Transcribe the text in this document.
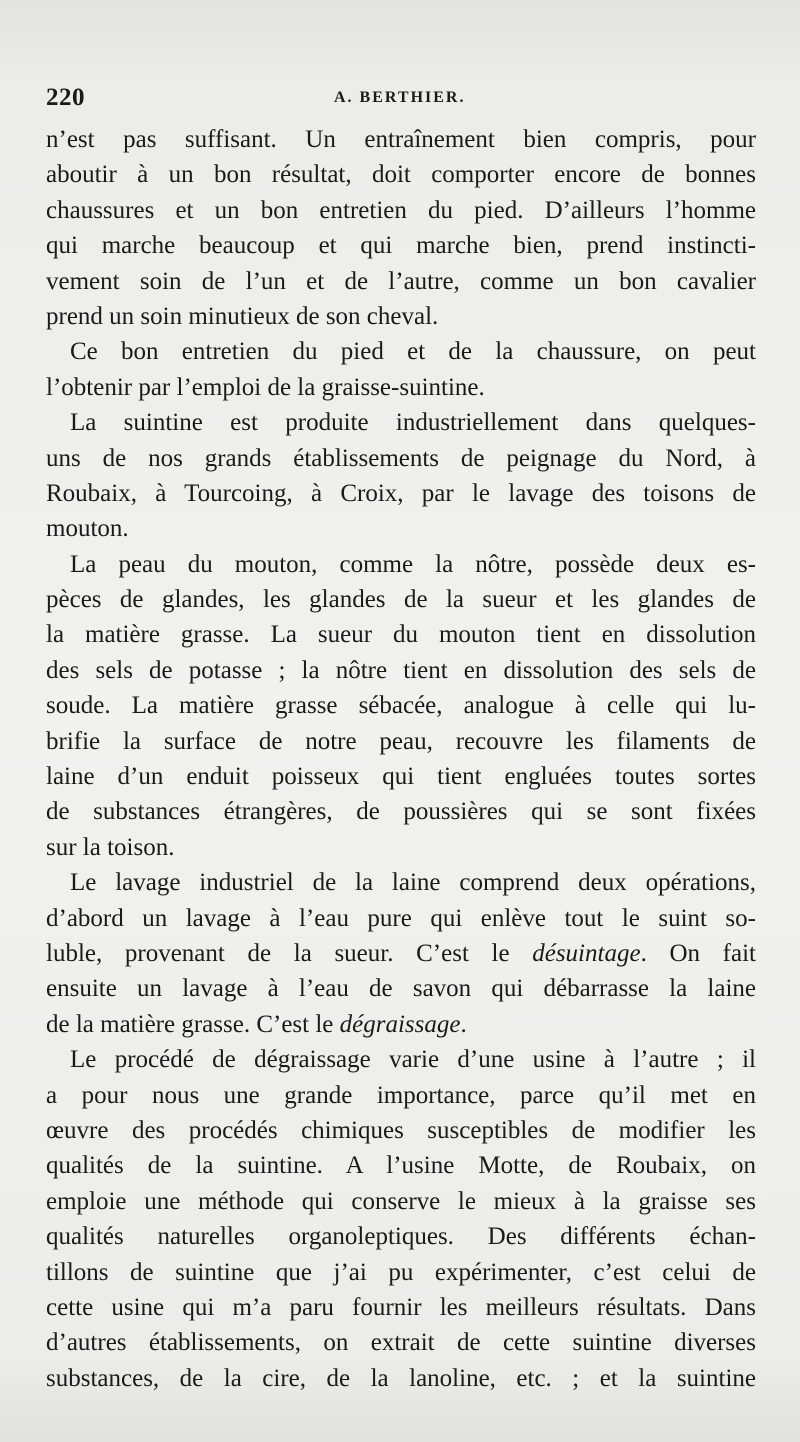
220	A. BERTHIER.
n’est pas suffisant. Un entraînement bien compris, pour
aboutir à un bon résultat, doit comporter encore de bonnes
chaussures et un bon entretien du pied. D’ailleurs l’homme
qui marche beaucoup et qui marche bien, prend instincti-
vement soin de l’un et de l’autre, comme un bon cavalier
prend un soin minutieux de son cheval.
Ce bon entretien du pied et de la chaussure, on peut
l’obtenir par l’emploi de la graisse-suintine.
La suintine est produite industriellement dans quelques-
uns de nos grands établissements de peignage du Nord, à
Roubaix, à Tourcoing, à Croix, par le lavage des toisons de
mouton.
La peau du mouton, comme la nôtre, possède deux es-
pèces de glandes, les glandes de la sueur et les glandes de
la matière grasse. La sueur du mouton tient en dissolution
des sels de potasse ; la nôtre tient en dissolution des sels de
soude. La matière grasse sébacée, analogue à celle qui lu-
brifie la surface de notre peau, recouvre les filaments de
laine d’un enduit poisseux qui tient engluées toutes sortes
de substances étrangères, de poussières qui se sont fixées
sur la toison.
Le lavage industriel de la laine comprend deux opérations,
d’abord un lavage à l’eau pure qui enlève tout le suint so-
luble, provenant de la sueur. C’est le désuintage. On fait
ensuite un lavage à l’eau de savon qui débarrasse la laine
de la matière grasse. C’est le dégraissage.
Le procédé de dégraissage varie d’une usine à l’autre ; il
a pour nous une grande importance, parce qu’il met en
œuvre des procédés chimiques susceptibles de modifier les
qualités de la suintine. A l’usine Motte, de Roubaix, on
emploie une méthode qui conserve le mieux à la graisse ses
qualités naturelles organoleptiques. Des différents échan-
tillons de suintine que j’ai pu expérimenter, c’est celui de
cette usine qui m’a paru fournir les meilleurs résultats. Dans
d’autres établissements, on extrait de cette suintine diverses
substances, de la cire, de la lanoline, etc. ; et la suintine
